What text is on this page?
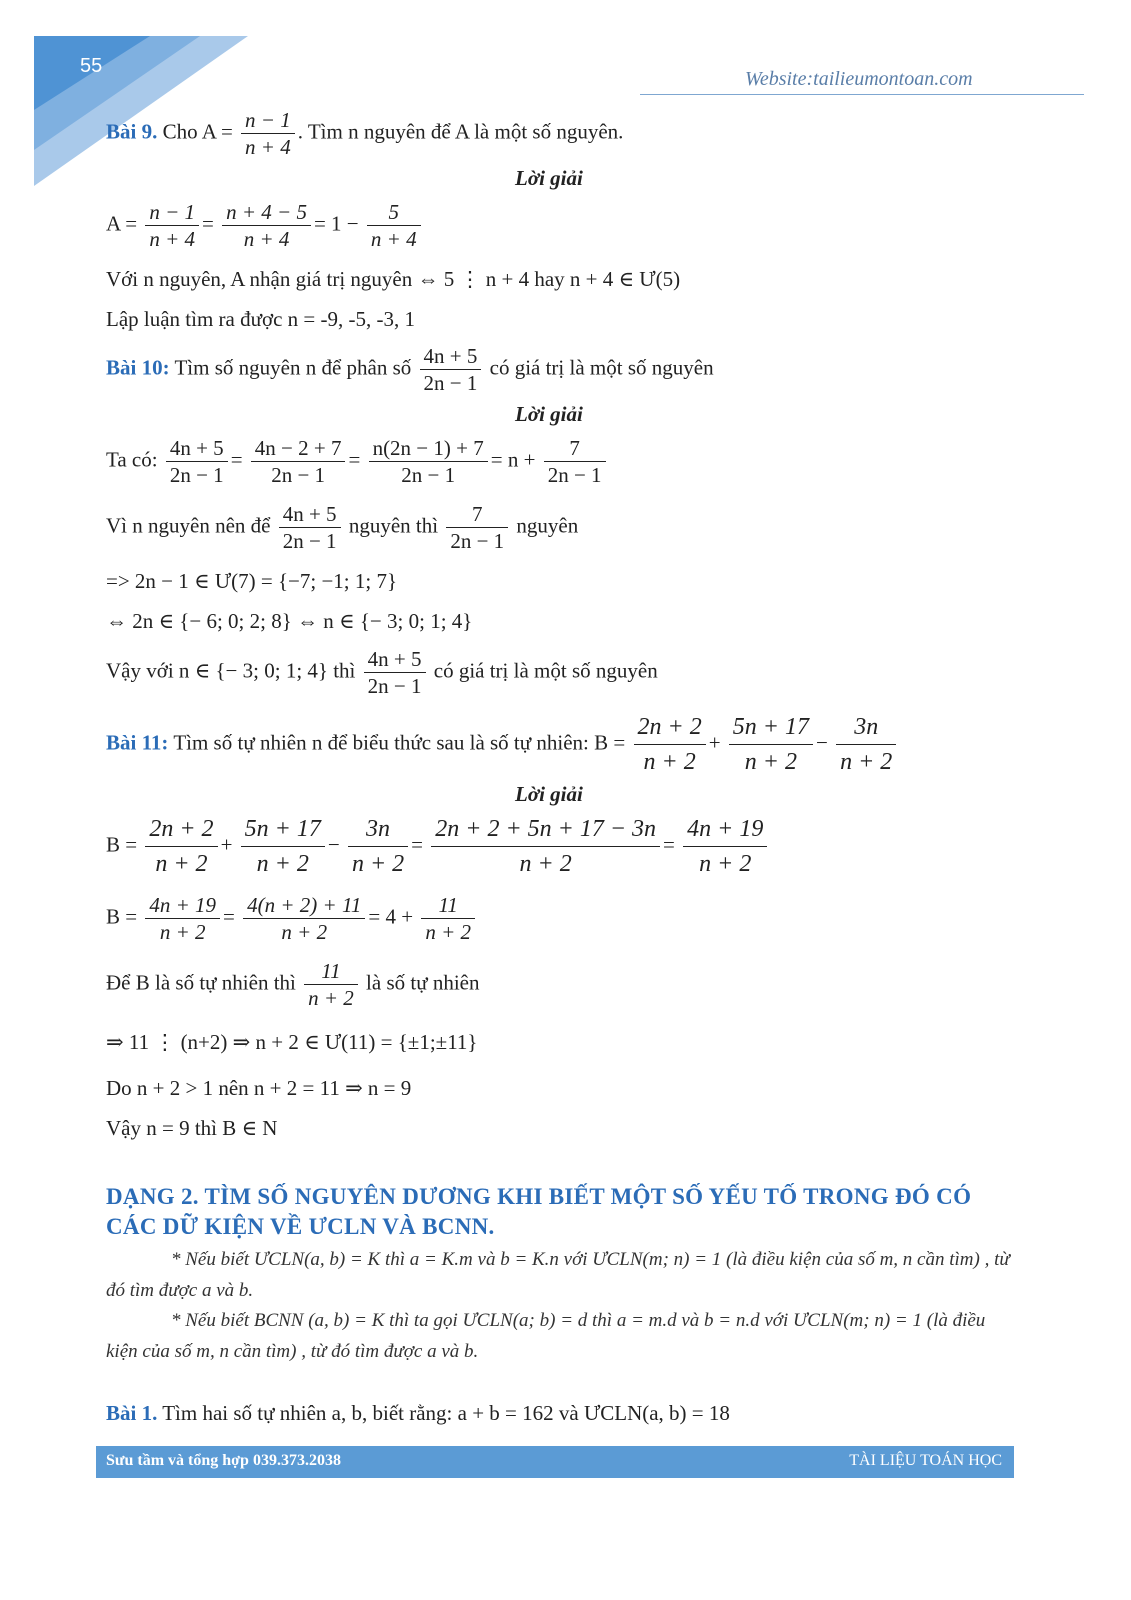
55
Website:tailieumontoan.com
Bài 9. Cho $A = \frac{n - 1}{n + 4}$ . Tìm n nguyên để A là một số nguyên.
Lời giải
$A = \frac{n - 1}{n + 4} = \frac{n + 4 - 5}{n + 4} = 1 - \frac{5}{n + 4}$
Với n nguyên, A nhận giá trị nguyên ⇔ 5 ⋮ n + 4 hay n + 4 ∈ Ư(5)
Lập luận tìm ra được n = -9, -5, -3, 1
Bài 10: Tìm số nguyên n để phân số $\frac{4n + 5}{2n - 1}$ có giá trị là một số nguyên
Lời giải
Ta có: $\frac{4n + 5}{2n - 1} = \frac{4n - 2 + 7}{2n - 1} = \frac{n(2n - 1) + 7}{2n - 1} = n + \frac{7}{2n - 1}$
Vì n nguyên nên để $\frac{4n + 5}{2n - 1}$ nguyên thì $\frac{7}{2n - 1}$ nguyên
=> 2n − 1 ∈ Ư(7) = {−7; −1; 1; 7}
⇔ 2n ∈ {− 6; 0; 2; 8} ⇔ n ∈ {− 3; 0; 1; 4}
Vậy với n ∈ {− 3; 0; 1; 4} thì $\frac{4n + 5}{2n - 1}$ có giá trị là một số nguyên
Bài 11: Tìm số tự nhiên n để biểu thức sau là số tự nhiên: $B = \frac{2n + 2}{n + 2} + \frac{5n + 17}{n + 2} - \frac{3n}{n + 2}$
Lời giải
$B = \frac{2n + 2}{n + 2} + \frac{5n + 17}{n + 2} - \frac{3n}{n + 2} = \frac{2n + 2 + 5n + 17 - 3n}{n + 2} = \frac{4n + 19}{n + 2}$
$B = \frac{4n + 19}{n + 2} = \frac{4(n + 2) + 11}{n + 2} = 4 + \frac{11}{n + 2}$
Để B là số tự nhiên thì $\frac{11}{n + 2}$ là số tự nhiên
⇒ 11 ⋮ (n+2) ⇒ n + 2 ∈ Ư(11) = {±1;±11}
Do n + 2 > 1 nên n + 2 = 11 ⇒ n = 9
Vậy n = 9 thì B ∈ N
DẠNG 2. TÌM SỐ NGUYÊN DƯƠNG KHI BIẾT MỘT SỐ YẾU TỐ TRONG ĐÓ CÓ
CÁC DỮ KIỆN VỀ ƯCLN VÀ BCNN.
* Nếu biết ƯCLN(a, b) = K thì a = K.m và b = K.n với ƯCLN(m; n) = 1 (là điều kiện của số m, n cần tìm) , từ đó tìm được a và b.
* Nếu biết BCNN (a, b) = K thì ta gọi ƯCLN(a; b) = d thì a = m.d và b = n.d với ƯCLN(m; n) = 1 (là điều kiện của số m, n cần tìm) , từ đó tìm được a và b.
Bài 1. Tìm hai số tự nhiên a, b, biết rằng: a + b = 162 và ƯCLN(a, b) = 18
Sưu tầm và tổng hợp 039.373.2038	TÀI LIỆU TOÁN HỌC
